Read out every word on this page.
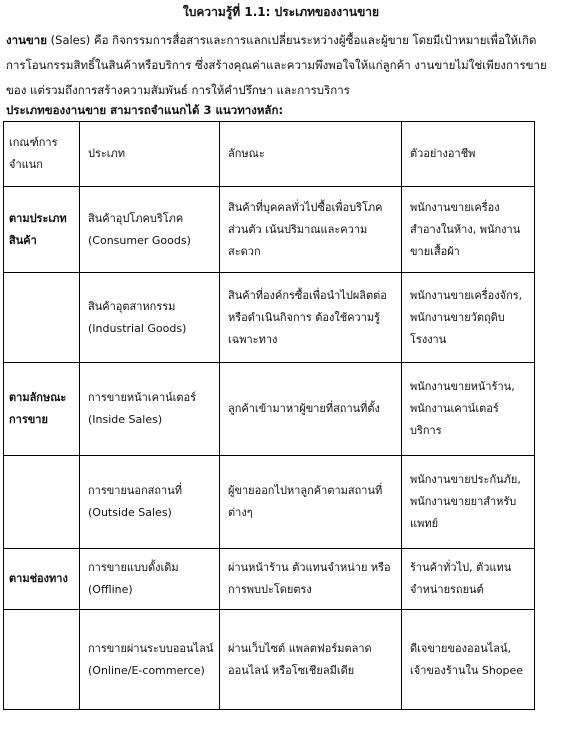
ใบความรู้ที่ 1.1: ประเภทของงานขาย
งานขาย (Sales) คือ กิจกรรมการสื่อสารและการแลกเปลี่ยนระหว่างผู้ซื้อและผู้ขาย โดยมีเป้าหมายเพื่อให้เกิดการโอนกรรมสิทธิ์ในสินค้าหรือบริการ ซึ่งสร้างคุณค่าและความพึงพอใจให้แก่ลูกค้า งานขายไม่ใช่เพียงการขายของ แต่รวมถึงการสร้างความสัมพันธ์ การให้คำปรึกษา และการบริการ
ประเภทของงานขาย สามารถจำแนกได้ 3 แนวทางหลัก:
เกณฑ์การจำแนก	ประเภท	ลักษณะ	ตัวอย่างอาชีพ
ตามประเภทสินค้า	สินค้าอุปโภคบริโภค (Consumer Goods)	สินค้าที่บุคคลทั่วไปซื้อเพื่อบริโภคส่วนตัว เน้นปริมาณและความสะดวก	พนักงานขายเครื่องสำอางในห้าง, พนักงานขายเสื้อผ้า
	สินค้าอุตสาหกรรม (Industrial Goods)	สินค้าที่องค์กรซื้อเพื่อนำไปผลิตต่อหรือดำเนินกิจการ ต้องใช้ความรู้เฉพาะทาง	พนักงานขายเครื่องจักร, พนักงานขายวัตถุดิบโรงงาน
ตามลักษณะการขาย	การขายหน้าเคาน์เตอร์ (Inside Sales)	ลูกค้าเข้ามาหาผู้ขายที่สถานที่ตั้ง	พนักงานขายหน้าร้าน, พนักงานเคาน์เตอร์บริการ
	การขายนอกสถานที่ (Outside Sales)	ผู้ขายออกไปหาลูกค้าตามสถานที่ต่างๆ	พนักงานขายประกันภัย, พนักงานขายยาสำหรับแพทย์
ตามช่องทาง	การขายแบบดั้งเดิม (Offline)	ผ่านหน้าร้าน ตัวแทนจำหน่าย หรือการพบปะโดยตรง	ร้านค้าทั่วไป, ตัวแทนจำหน่ายรถยนต์
	การขายผ่านระบบออนไลน์ (Online/E-commerce)	ผ่านเว็บไซต์ แพลตฟอร์มตลาดออนไลน์ หรือโซเชียลมีเดีย	ดีเจขายของออนไลน์, เจ้าของร้านใน Shopee
